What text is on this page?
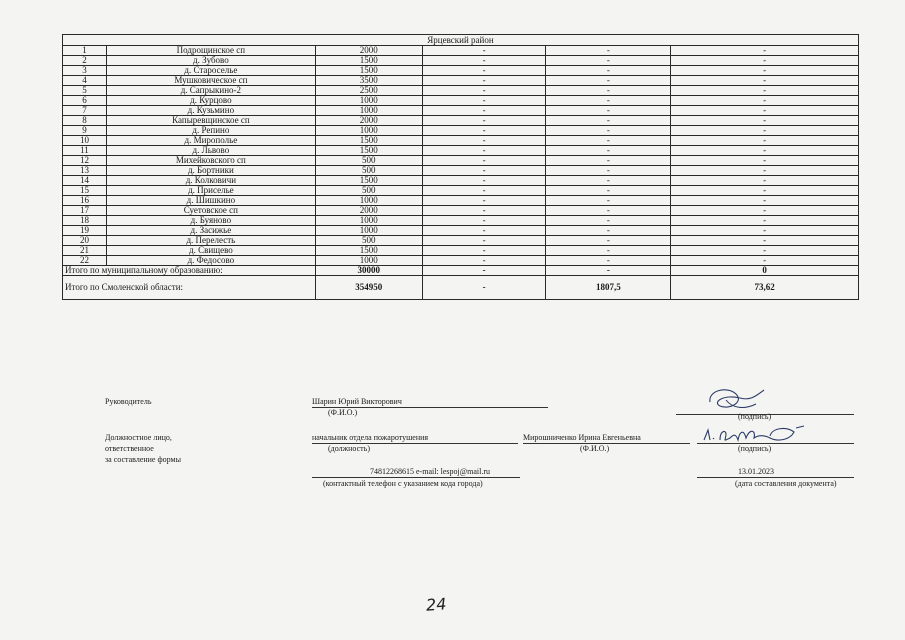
Ярцевский район					
1	Подрощинское сп	2000	-	-	-
2	д. Зубово	1500	-	-	-
3	д. Староселье	1500	-	-	-
4	Мушковическое сп	3500	-	-	-
5	д. Сапрыкино-2	2500	-	-	-
6	д. Курцово	1000	-	-	-
7	д. Кузьмино	1000	-	-	-
8	Капыревщинское сп	2000	-	-	-
9	д. Репино	1000	-	-	-
10	д. Мирополье	1500	-	-	-
11	д. Львово	1500	-	-	-
12	Михейковского сп	500	-	-	-
13	д. Бортники	500	-	-	-
14	д. Колковичи	1500	-	-	-
15	д. Присельe	500	-	-	-
16	д. Шишкино	1000	-	-	-
17	Суетовское сп	2000	-	-	-
18	д. Буяново	1000	-	-	-
19	д. Засижье	1000	-	-	-
20	д. Перелесть	500	-	-	-
21	д. Свищево	1500	-	-	-
22	д. Федосово	1000	-	-	-
Итого по муниципальному образованию:		30000	-	-	0
Итого по Смоленской области:		354950	-	1807,5	73,62
Руководитель	Шарин Юрий Викторович
(Ф.И.О.)	(подпись)
Должностное лицо,
ответственное
за составление формы
начальник отдела пожаротушения
(должность)
Мирошниченко Ирина Евгеньевна
(Ф.И.О.)	(подпись)
74812268615 e-mail: lespoj@mail.ru
(контактный телефон с указанием кода города)
13.01.2023
(дата составления документа)
24
